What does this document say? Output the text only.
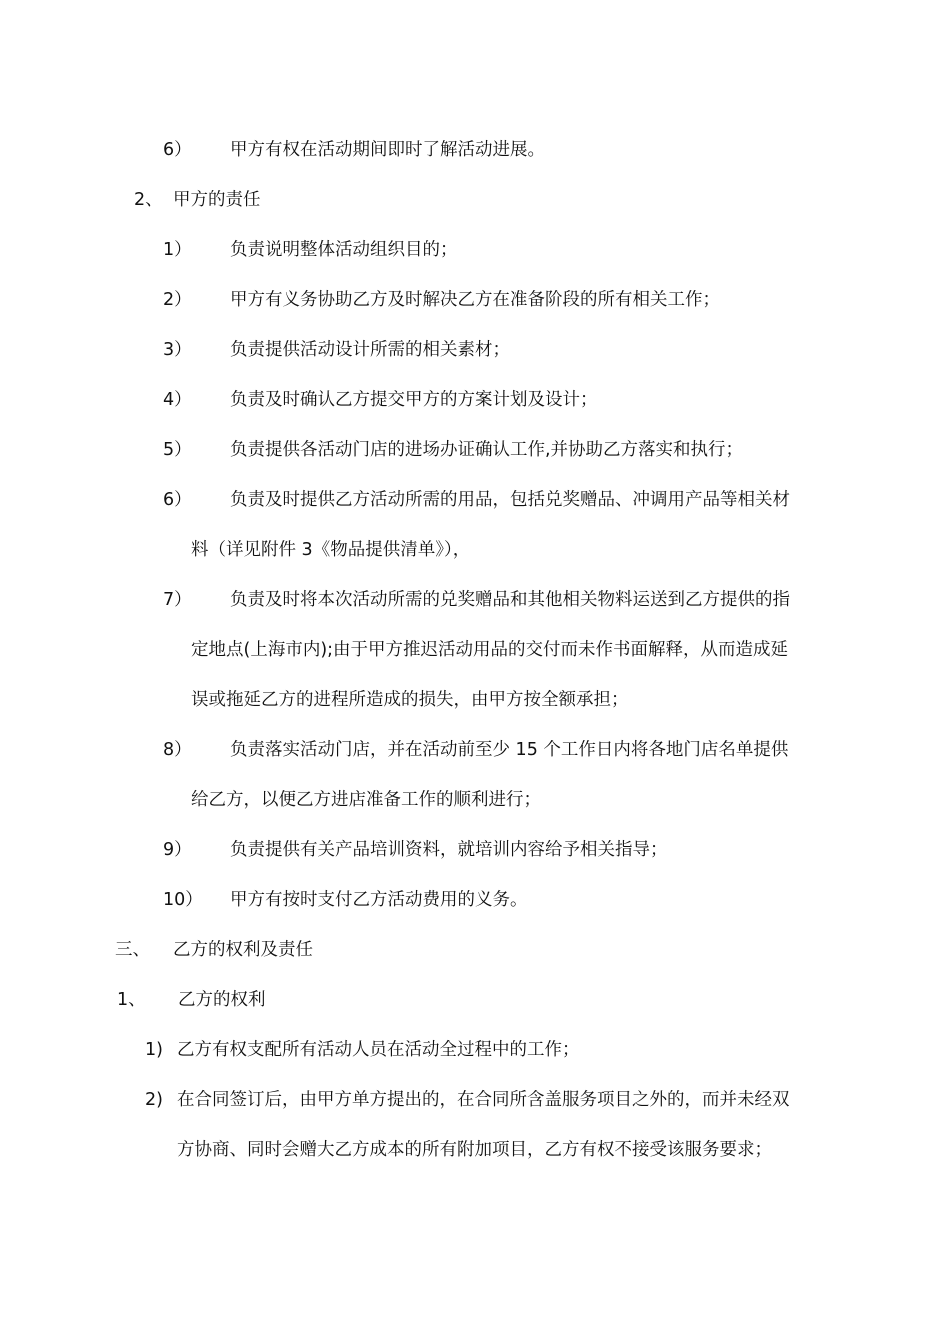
6） 甲方有权在活动期间即时了解活动进展。
2、 甲方的责任
1） 负责说明整体活动组织目的；
2） 甲方有义务协助乙方及时解决乙方在准备阶段的所有相关工作；
3） 负责提供活动设计所需的相关素材；
4） 负责及时确认乙方提交甲方的方案计划及设计；
5） 负责提供各活动门店的进场办证确认工作,并协助乙方落实和执行；
6） 负责及时提供乙方活动所需的用品，包括兑奖赠品、冲调用产品等相关材
料（详见附件 3《物品提供清单》），
7） 负责及时将本次活动所需的兑奖赠品和其他相关物料运送到乙方提供的指
定地点(上海市内);由于甲方推迟活动用品的交付而未作书面解释，从而造成延
误或拖延乙方的进程所造成的损失，由甲方按全额承担；
8） 负责落实活动门店，并在活动前至少 15 个工作日内将各地门店名单提供
给乙方，以便乙方进店准备工作的顺利进行；
9） 负责提供有关产品培训资料，就培训内容给予相关指导；
10） 甲方有按时支付乙方活动费用的义务。
三、 乙方的权利及责任
1、 乙方的权利
1) 乙方有权支配所有活动人员在活动全过程中的工作；
2) 在合同签订后，由甲方单方提出的，在合同所含盖服务项目之外的，而并未经双
方协商、同时会赠大乙方成本的所有附加项目，乙方有权不接受该服务要求；
